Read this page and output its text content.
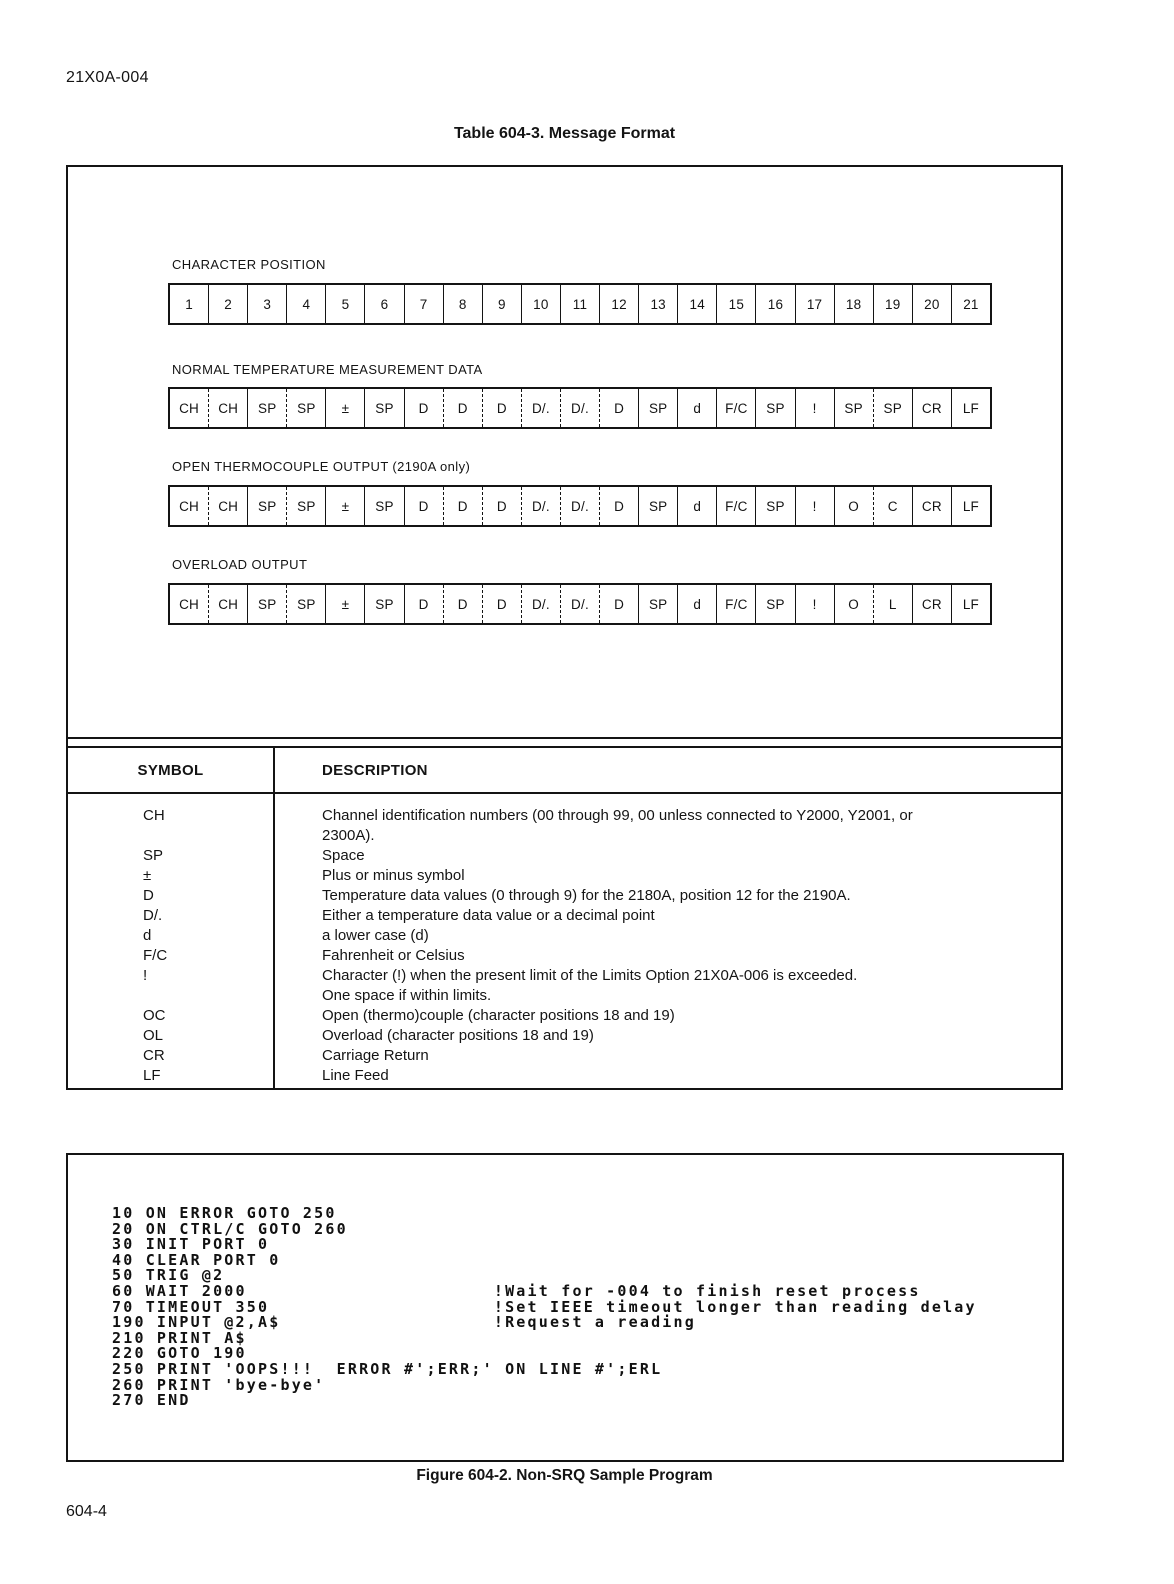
21X0A-004
Table 604-3. Message Format
CHARACTER POSITION
1	2	3	4	5	6	7	8	9	10	11	12	13	14	15	16	17	18	19	20	21
NORMAL TEMPERATURE MEASUREMENT DATA
CH	CH	SP	SP	±	SP	D	D	D	D/.	D/.	D	SP	d	F/C	SP	!	SP	SP	CR	LF
OPEN THERMOCOUPLE OUTPUT (2190A only)
CH	CH	SP	SP	±	SP	D	D	D	D/.	D/.	D	SP	d	F/C	SP	!	O	C	CR	LF
OVERLOAD OUTPUT
CH	CH	SP	SP	±	SP	D	D	D	D/.	D/.	D	SP	d	F/C	SP	!	O	L	CR	LF
SYMBOL	DESCRIPTION
CH	Channel identification numbers (00 through 99, 00 unless connected to Y2000, Y2001, or
2300A).
SP	Space
±	Plus or minus symbol
D	Temperature data values (0 through 9) for the 2180A, position 12 for the 2190A.
D/.	Either a temperature data value or a decimal point
d	a lower case (d)
F/C	Fahrenheit or Celsius
!	Character (!) when the present limit of the Limits Option 21X0A-006 is exceeded.
One space if within limits.
OC	Open (thermo)couple (character positions 18 and 19)
OL	Overload (character positions 18 and 19)
CR	Carriage Return
LF	Line Feed
10 ON ERROR GOTO 250
20 ON CTRL/C GOTO 260
30 INIT PORT 0
40 CLEAR PORT 0
50 TRIG @2
60 WAIT 2000                      !Wait for -004 to finish reset process
70 TIMEOUT 350                    !Set IEEE timeout longer than reading delay
190 INPUT @2,A$                   !Request a reading
210 PRINT A$
220 GOTO 190
250 PRINT 'OOPS!!!  ERROR #';ERR;' ON LINE #';ERL
260 PRINT 'bye-bye'
270 END
Figure 604-2. Non-SRQ Sample Program
604-4
